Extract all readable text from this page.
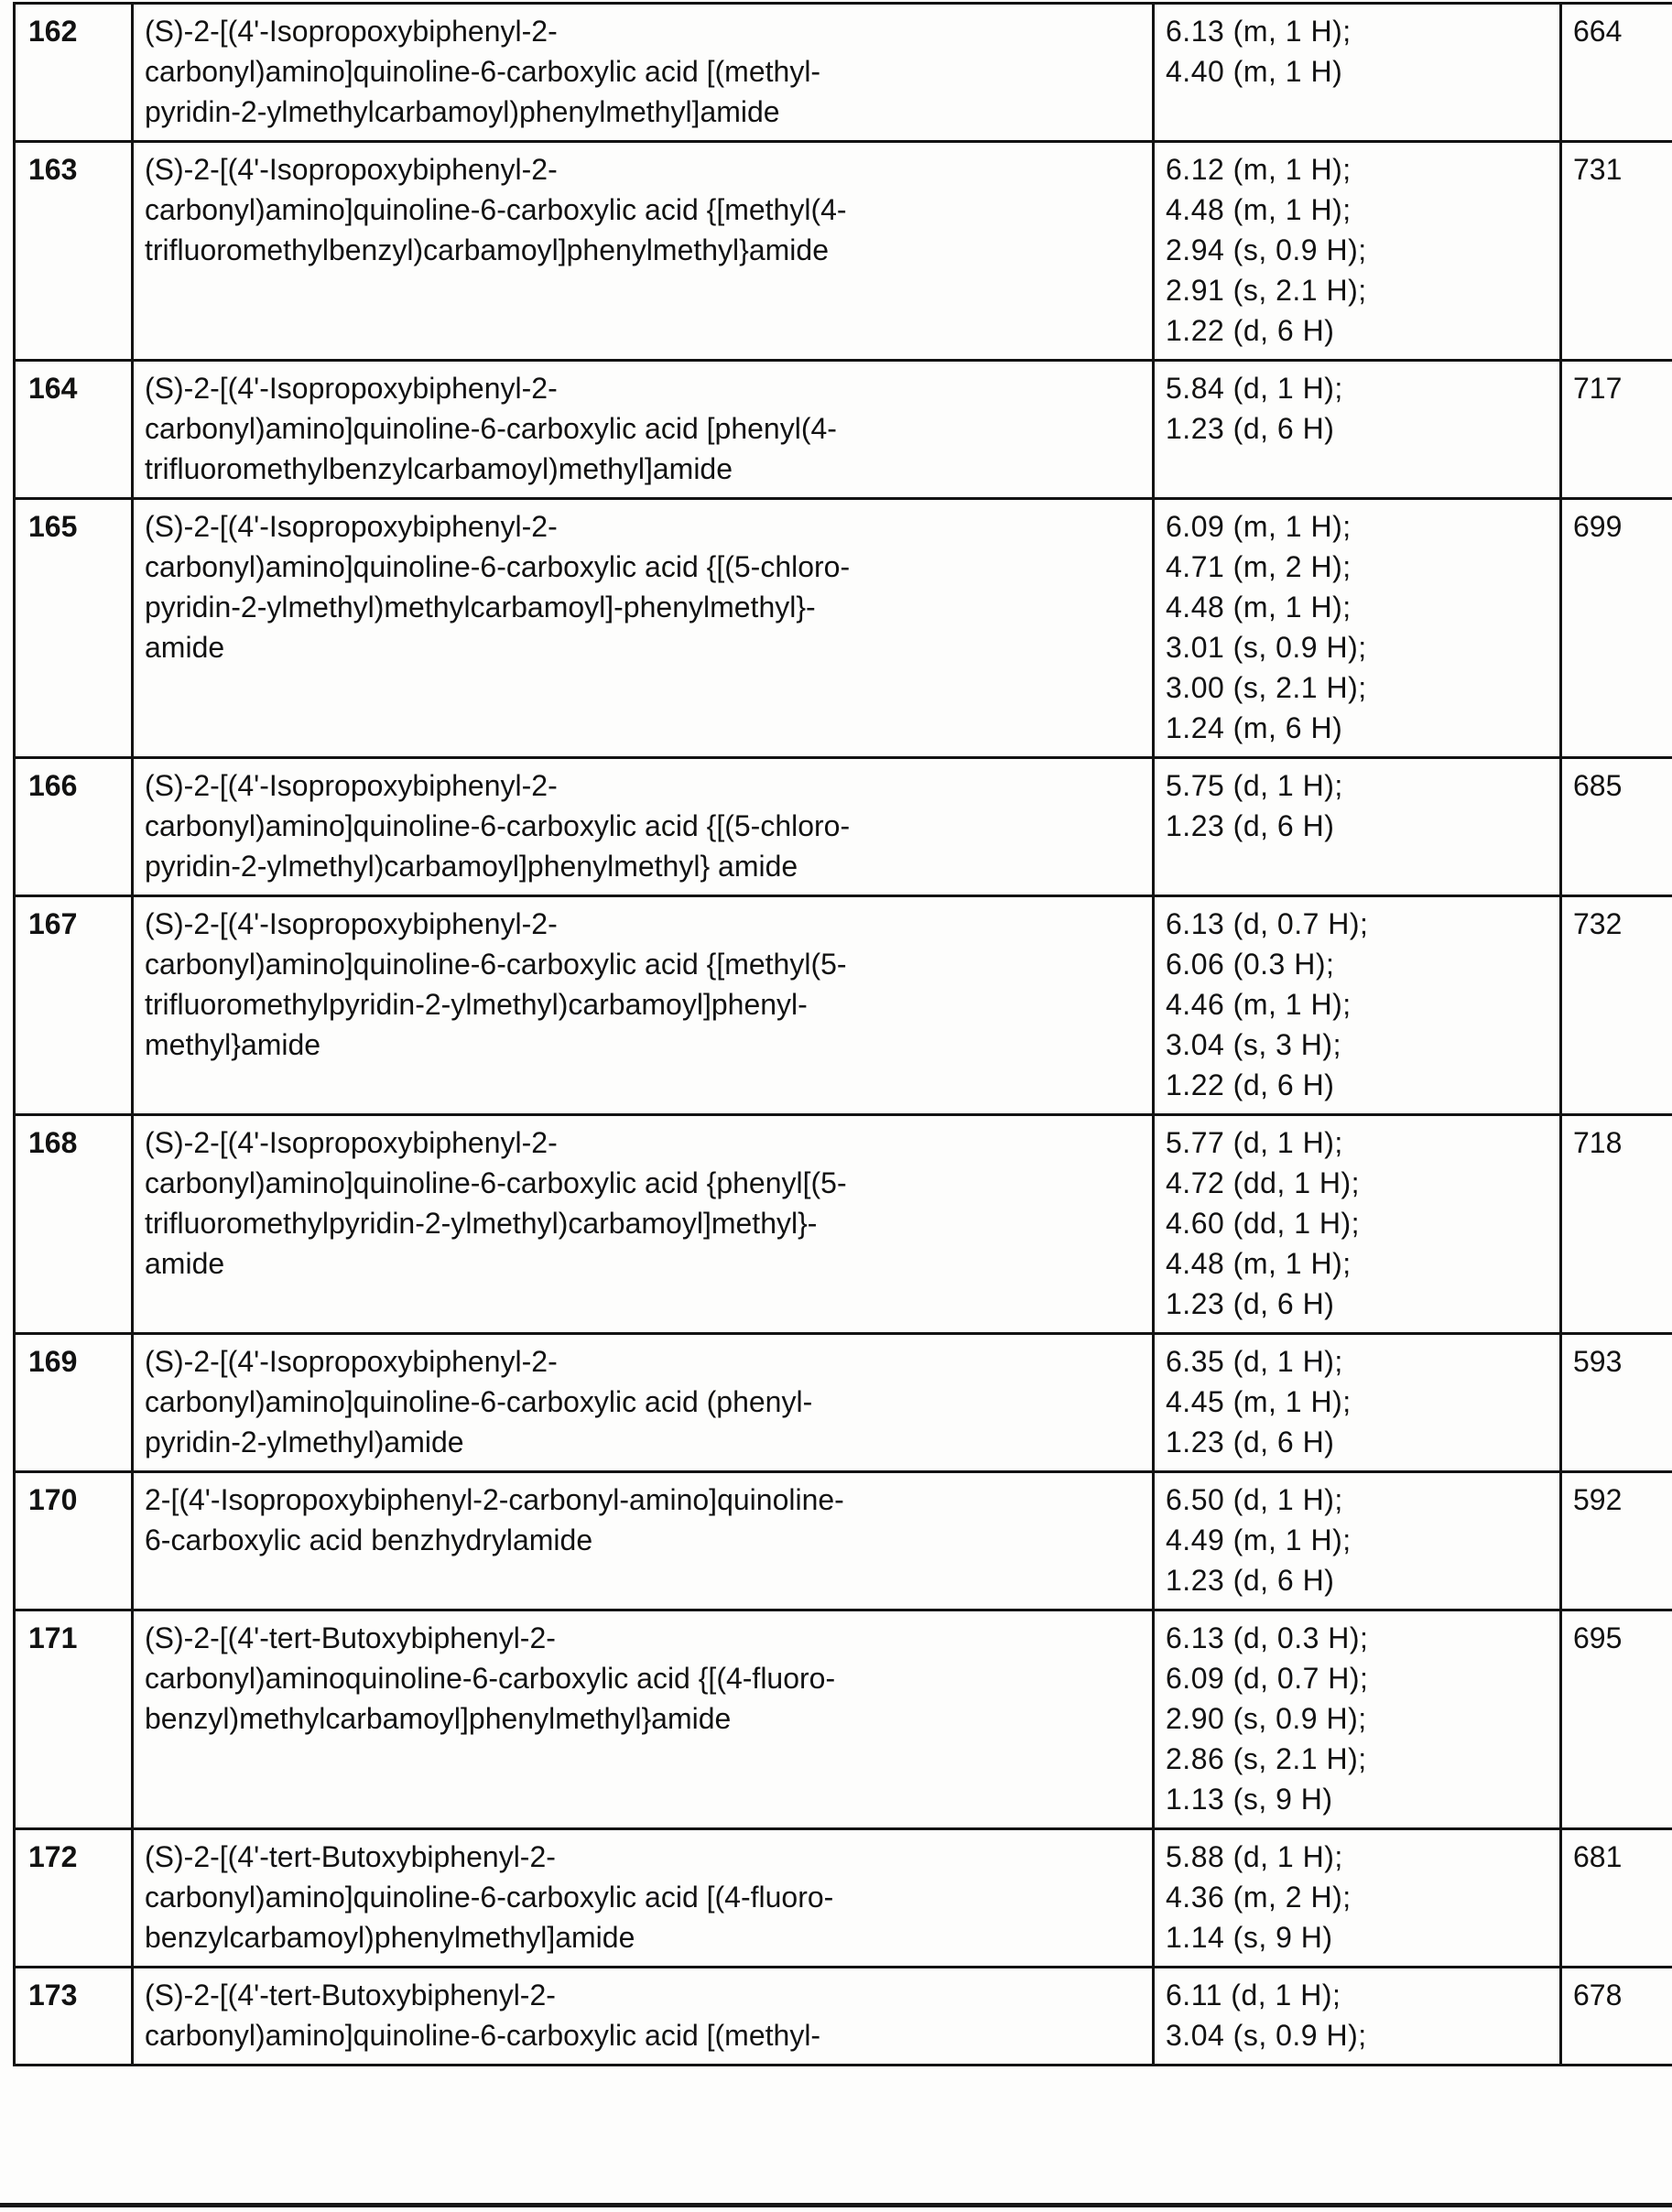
162	(S)-2-[(4'-Isopropoxybiphenyl-2-
carbonyl)amino]quinoline-6-carboxylic acid [(methyl-
pyridin-2-ylmethylcarbamoyl)phenylmethyl]amide	6.13 (m, 1 H);
4.40 (m, 1 H)	664
163	(S)-2-[(4'-Isopropoxybiphenyl-2-
carbonyl)amino]quinoline-6-carboxylic acid {[methyl(4-
trifluoromethylbenzyl)carbamoyl]phenylmethyl}amide	6.12 (m, 1 H);
4.48 (m, 1 H);
2.94 (s, 0.9 H);
2.91 (s, 2.1 H);
1.22 (d, 6 H)	731
164	(S)-2-[(4'-Isopropoxybiphenyl-2-
carbonyl)amino]quinoline-6-carboxylic acid [phenyl(4-
trifluoromethylbenzylcarbamoyl)methyl]amide	5.84 (d, 1 H);
1.23 (d, 6 H)	717
165	(S)-2-[(4'-Isopropoxybiphenyl-2-
carbonyl)amino]quinoline-6-carboxylic acid {[(5-chloro-
pyridin-2-ylmethyl)methylcarbamoyl]-phenylmethyl}-
amide	6.09 (m, 1 H);
4.71 (m, 2 H);
4.48 (m, 1 H);
3.01 (s, 0.9 H);
3.00 (s, 2.1 H);
1.24 (m, 6 H)	699
166	(S)-2-[(4'-Isopropoxybiphenyl-2-
carbonyl)amino]quinoline-6-carboxylic acid {[(5-chloro-
pyridin-2-ylmethyl)carbamoyl]phenylmethyl} amide	5.75 (d, 1 H);
1.23 (d, 6 H)	685
167	(S)-2-[(4'-Isopropoxybiphenyl-2-
carbonyl)amino]quinoline-6-carboxylic acid {[methyl(5-
trifluoromethylpyridin-2-ylmethyl)carbamoyl]phenyl-
methyl}amide	6.13 (d, 0.7 H);
6.06 (0.3 H);
4.46 (m, 1 H);
3.04 (s, 3 H);
1.22 (d, 6 H)	732
168	(S)-2-[(4'-Isopropoxybiphenyl-2-
carbonyl)amino]quinoline-6-carboxylic acid {phenyl[(5-
trifluoromethylpyridin-2-ylmethyl)carbamoyl]methyl}-
amide	5.77 (d, 1 H);
4.72 (dd, 1 H);
4.60 (dd, 1 H);
4.48 (m, 1 H);
1.23 (d, 6 H)	718
169	(S)-2-[(4'-Isopropoxybiphenyl-2-
carbonyl)amino]quinoline-6-carboxylic acid (phenyl-
pyridin-2-ylmethyl)amide	6.35 (d, 1 H);
4.45 (m, 1 H);
1.23 (d, 6 H)	593
170	2-[(4'-Isopropoxybiphenyl-2-carbonyl-amino]quinoline-
6-carboxylic acid benzhydrylamide	6.50 (d, 1 H);
4.49 (m, 1 H);
1.23 (d, 6 H)	592
171	(S)-2-[(4'-tert-Butoxybiphenyl-2-
carbonyl)aminoquinoline-6-carboxylic acid {[(4-fluoro-
benzyl)methylcarbamoyl]phenylmethyl}amide	6.13 (d, 0.3 H);
6.09 (d, 0.7 H);
2.90 (s, 0.9 H);
2.86 (s, 2.1 H);
1.13 (s, 9 H)	695
172	(S)-2-[(4'-tert-Butoxybiphenyl-2-
carbonyl)amino]quinoline-6-carboxylic acid [(4-fluoro-
benzylcarbamoyl)phenylmethyl]amide	5.88 (d, 1 H);
4.36 (m, 2 H);
1.14 (s, 9 H)	681
173	(S)-2-[(4'-tert-Butoxybiphenyl-2-
carbonyl)amino]quinoline-6-carboxylic acid [(methyl-	6.11 (d, 1 H);
3.04 (s, 0.9 H);	678
